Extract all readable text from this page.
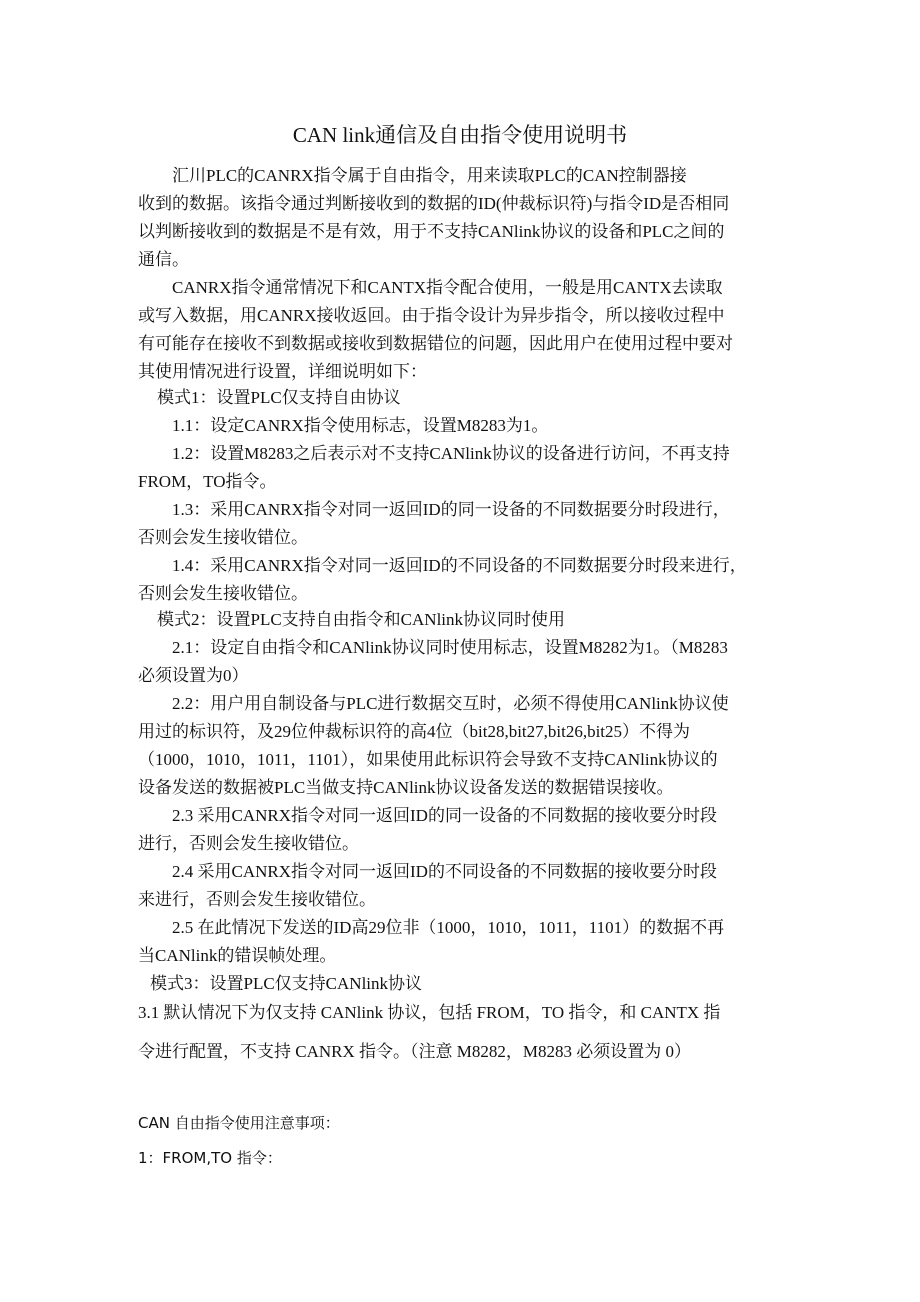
CAN link通信及自由指令使用说明书
汇川PLC的CANRX指令属于自由指令，用来读取PLC的CAN控制器接
收到的数据。该指令通过判断接收到的数据的ID(仲裁标识符)与指令ID是否相同
以判断接收到的数据是不是有效，用于不支持CANlink协议的设备和PLC之间的
通信。
CANRX指令通常情况下和CANTX指令配合使用，一般是用CANTX去读取
或写入数据，用CANRX接收返回。由于指令设计为异步指令，所以接收过程中
有可能存在接收不到数据或接收到数据错位的问题，因此用户在使用过程中要对
其使用情况进行设置，详细说明如下：
模式1：设置PLC仅支持自由协议
1.1：设定CANRX指令使用标志，设置M8283为1。
1.2：设置M8283之后表示对不支持CANlink协议的设备进行访问，不再支持
FROM，TO指令。
1.3：采用CANRX指令对同一返回ID的同一设备的不同数据要分时段进行，
否则会发生接收错位。
1.4：采用CANRX指令对同一返回ID的不同设备的不同数据要分时段来进行，
否则会发生接收错位。
模式2：设置PLC支持自由指令和CANlink协议同时使用
2.1：设定自由指令和CANlink协议同时使用标志，设置M8282为1。（M8283
必须设置为0）
2.2：用户用自制设备与PLC进行数据交互时，必须不得使用CANlink协议使
用过的标识符，及29位仲裁标识符的高4位（bit28,bit27,bit26,bit25）不得为
（1000，1010，1011，1101），如果使用此标识符会导致不支持CANlink协议的
设备发送的数据被PLC当做支持CANlink协议设备发送的数据错误接收。
2.3 采用CANRX指令对同一返回ID的同一设备的不同数据的接收要分时段
进行，否则会发生接收错位。
2.4 采用CANRX指令对同一返回ID的不同设备的不同数据的接收要分时段
来进行，否则会发生接收错位。
2.5 在此情况下发送的ID高29位非（1000，1010，1011，1101）的数据不再
当CANlink的错误帧处理。
模式3：设置PLC仅支持CANlink协议
3.1 默认情况下为仅支持 CANlink 协议，包括 FROM，TO 指令，和 CANTX 指
令进行配置，不支持 CANRX 指令。（注意 M8282，M8283 必须设置为 0）
CAN 自由指令使用注意事项：
1：FROM,TO 指令：
